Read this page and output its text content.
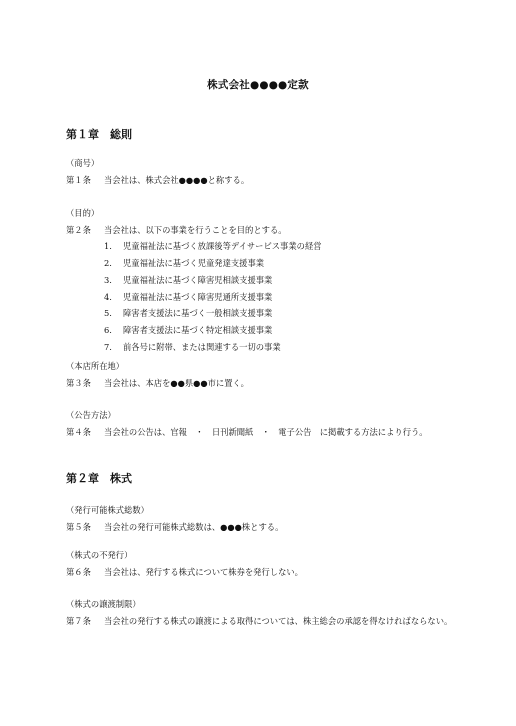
株式会社●●●●定款
第１章　総則
（商号）
第１条 当会社は、株式会社●●●●と称する。
（目的）
第２条 当会社は、以下の事業を行うことを目的とする。
1.	児童福祉法に基づく放課後等デイサービス事業の経営
2.	児童福祉法に基づく児童発達支援事業
3.	児童福祉法に基づく障害児相談支援事業
4.	児童福祉法に基づく障害児通所支援事業
5.	障害者支援法に基づく一般相談支援事業
6.	障害者支援法に基づく特定相談支援事業
7.	前各号に附帯、または関連する一切の事業
（本店所在地）
第３条 当会社は、本店を●●県●●市に置く。
（公告方法）
第４条 当会社の公告は、官報　・　日刊新聞紙　・　電子公告　に掲載する方法により行う。
第２章　株式
（発行可能株式総数）
第５条 当会社の発行可能株式総数は、●●●株とする。
（株式の不発行）
第６条 当会社は、発行する株式について株券を発行しない。
（株式の譲渡制限）
第７条 当会社の発行する株式の譲渡による取得については、株主総会の承認を得なければならない。
